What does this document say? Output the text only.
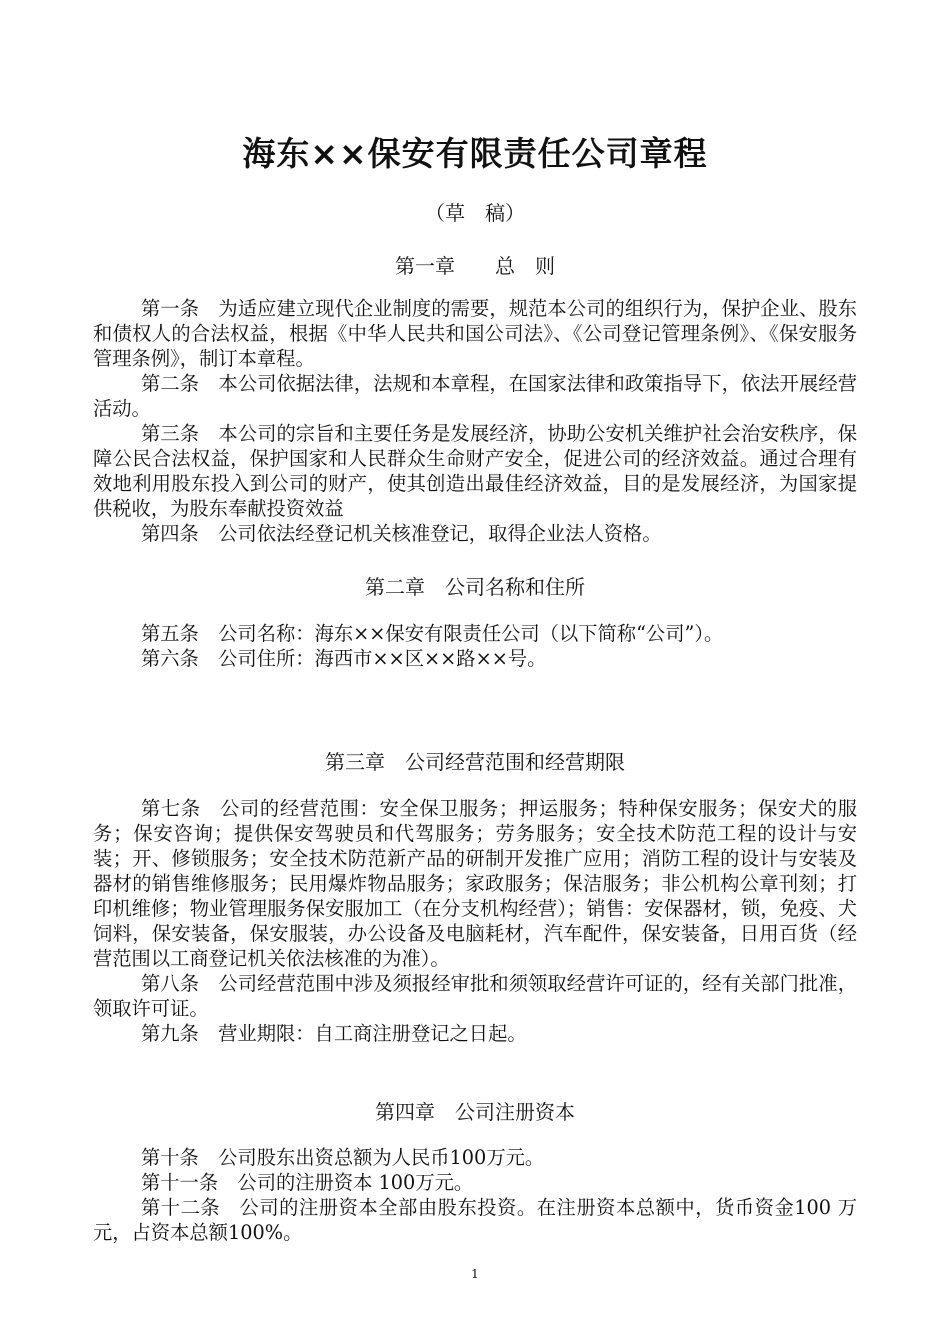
海东××保安有限责任公司章程

（草　稿）

第一章　　总　则

第一条 为适应建立现代企业制度的需要，规范本公司的组织行为，保护企业、股东和债权人的合法权益，根据《中华人民共和国公司法》、《公司登记管理条例》、《保安服务管理条例》，制订本章程。

第二条 本公司依据法律，法规和本章程，在国家法律和政策指导下，依法开展经营活动。

第三条 本公司的宗旨和主要任务是发展经济，协助公安机关维护社会治安秩序，保障公民合法权益，保护国家和人民群众生命财产安全，促进公司的经济效益。通过合理有效地利用股东投入到公司的财产，使其创造出最佳经济效益，目的是发展经济，为国家提供税收，为股东奉献投资效益

第四条 公司依法经登记机关核准登记，取得企业法人资格。

第二章　公司名称和住所

第五条 公司名称：海东××保安有限责任公司（以下简称“公司”）。

第六条 公司住所：海西市××区××路××号。

第三章　公司经营范围和经营期限

第七条 公司的经营范围：安全保卫服务；押运服务；特种保安服务；保安犬的服务；保安咨询；提供保安驾驶员和代驾服务；劳务服务；安全技术防范工程的设计与安装；开、修锁服务；安全技术防范新产品的研制开发推广应用；消防工程的设计与安装及器材的销售维修服务；民用爆炸物品服务；家政服务；保洁服务；非公机构公章刊刻；打印机维修；物业管理服务保安服加工（在分支机构经营）；销售：安保器材，锁，免疫、犬饲料，保安装备，保安服装，办公设备及电脑耗材，汽车配件，保安装备，日用百货（经营范围以工商登记机关依法核准的为准）。

第八条 公司经营范围中涉及须报经审批和须领取经营许可证的，经有关部门批准，领取许可证。

第九条 营业期限：自工商注册登记之日起。

第四章　公司注册资本

第十条 公司股东出资总额为人民币100万元。

第十一条 公司的注册资本 100万元。

第十二条 公司的注册资本全部由股东投资。在注册资本总额中，货币资金100 万元，占资本总额100%。

1
